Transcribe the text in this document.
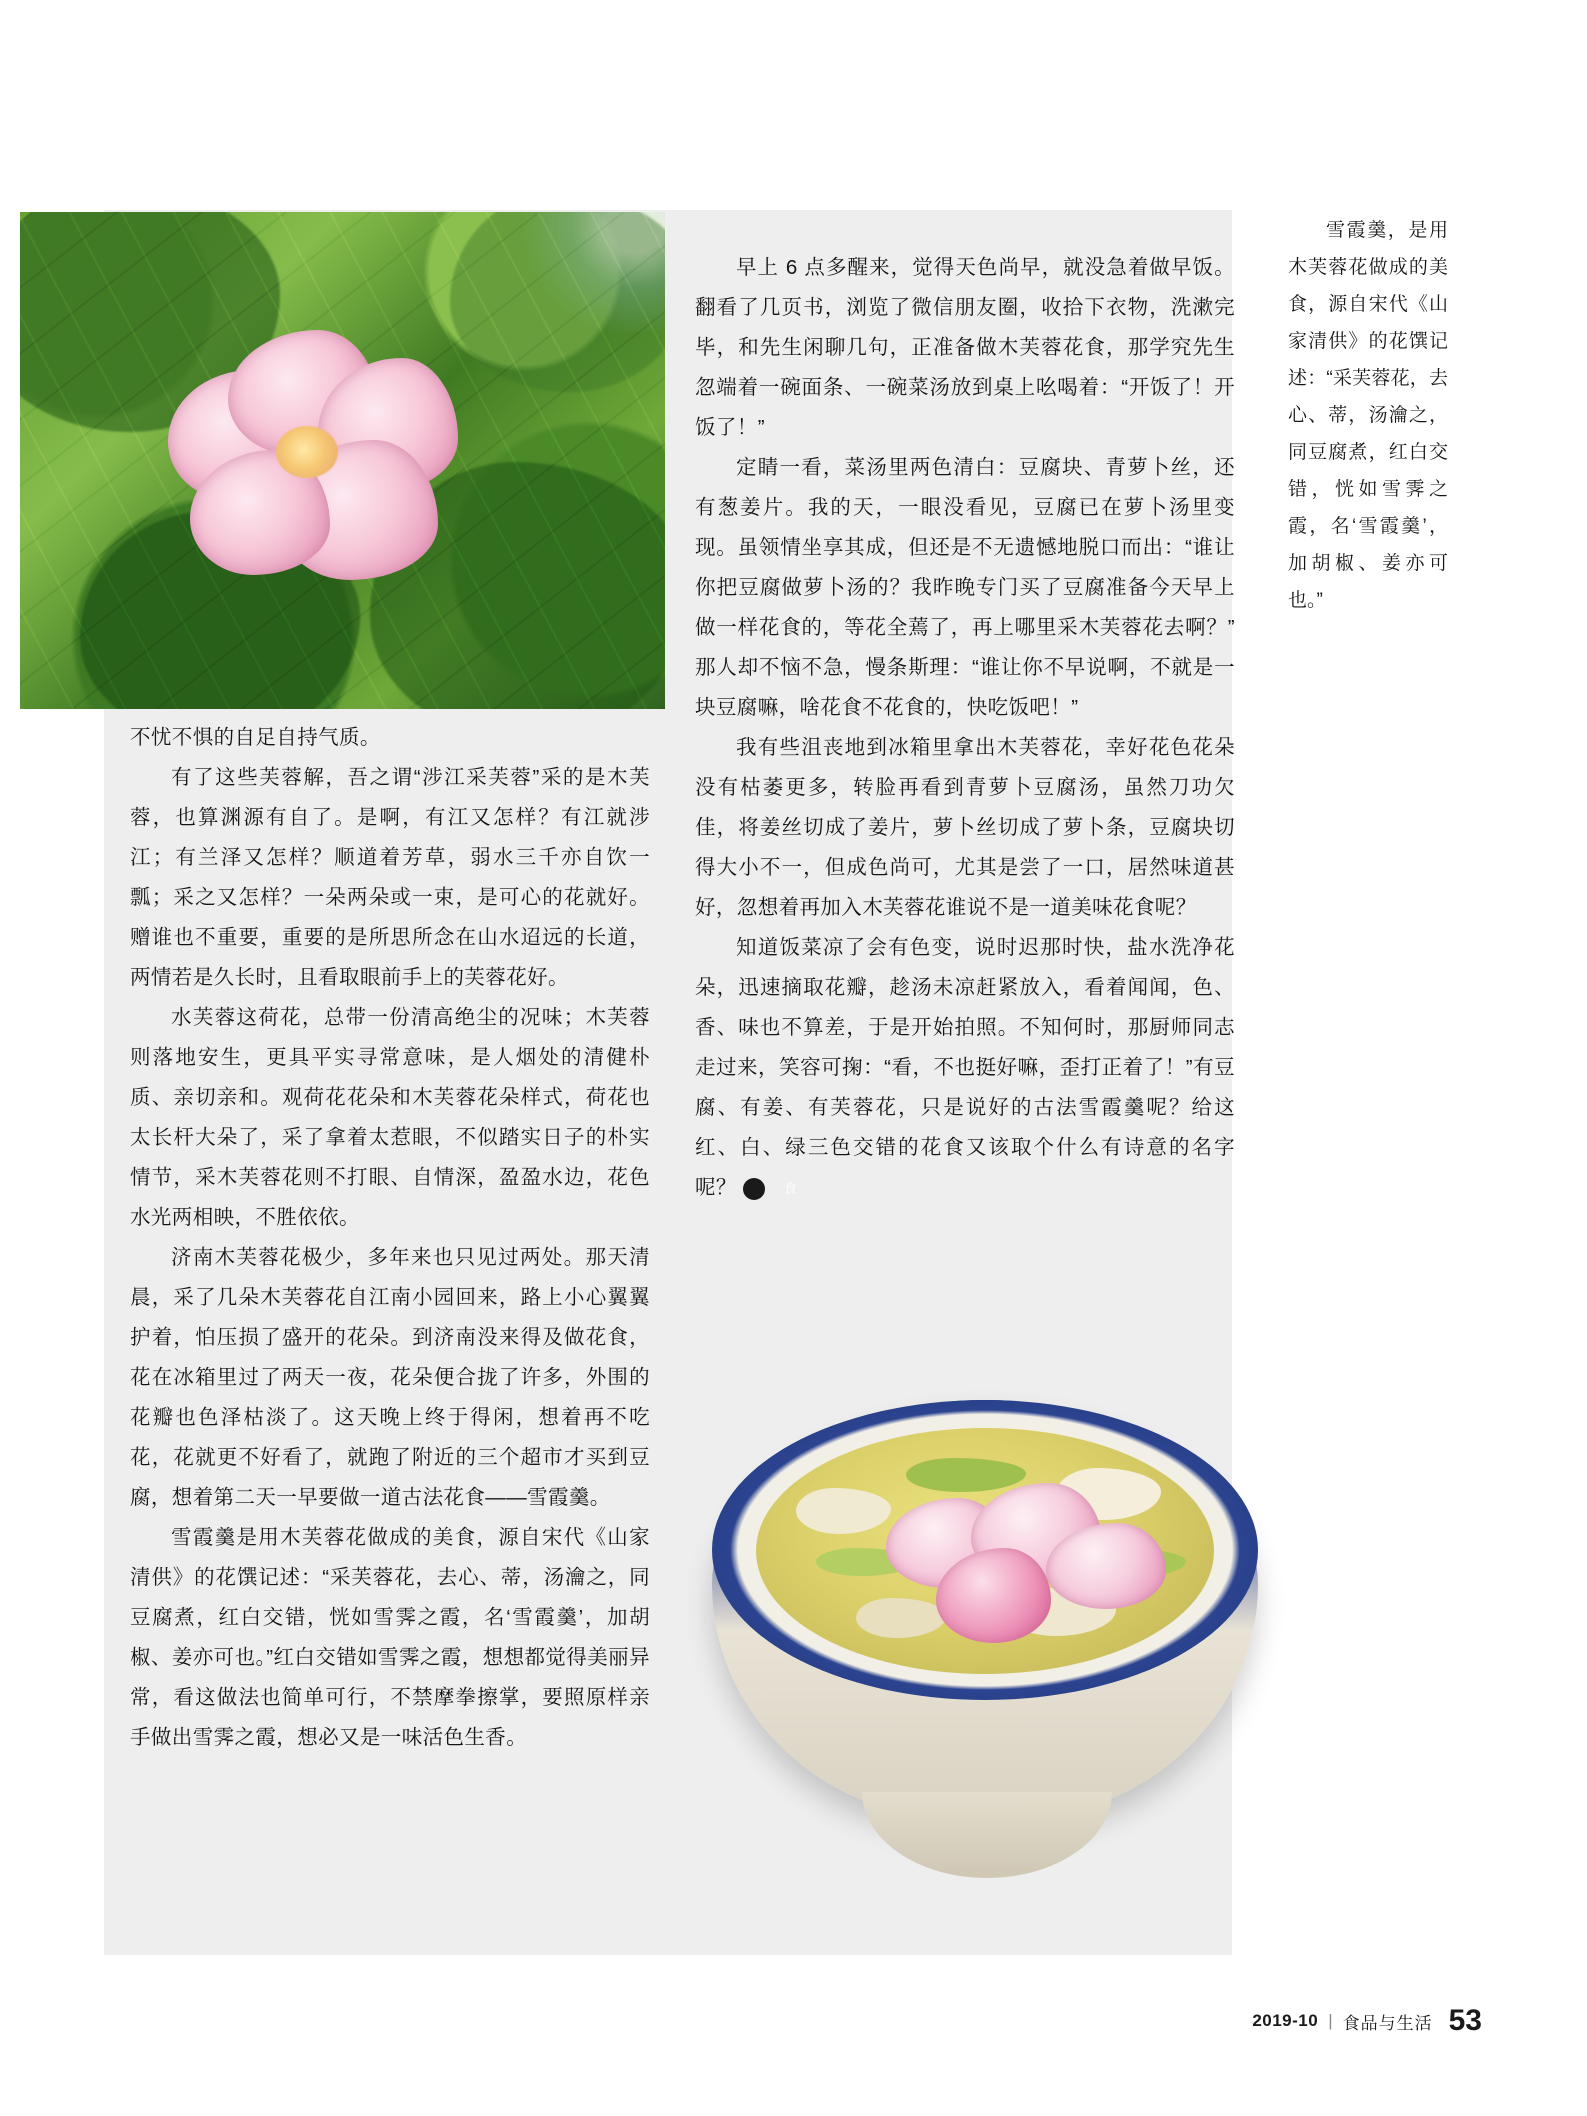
不忧不惧的自足自持气质。

有了这些芙蓉解，吾之谓“涉江采芙蓉”采的是木芙蓉，也算渊源有自了。是啊，有江又怎样？有江就涉江；有兰泽又怎样？顺道着芳草，弱水三千亦自饮一瓢；采之又怎样？一朵两朵或一束，是可心的花就好。赠谁也不重要，重要的是所思所念在山水迢远的长道，两情若是久长时，且看取眼前手上的芙蓉花好。

水芙蓉这荷花，总带一份清高绝尘的况味；木芙蓉则落地安生，更具平实寻常意味，是人烟处的清健朴质、亲切亲和。观荷花花朵和木芙蓉花朵样式，荷花也太长杆大朵了，采了拿着太惹眼，不似踏实日子的朴实情节，采木芙蓉花则不打眼、自情深，盈盈水边，花色水光两相映，不胜依依。

济南木芙蓉花极少，多年来也只见过两处。那天清晨，采了几朵木芙蓉花自江南小园回来，路上小心翼翼护着，怕压损了盛开的花朵。到济南没来得及做花食，花在冰箱里过了两天一夜，花朵便合拢了许多，外围的花瓣也色泽枯淡了。这天晚上终于得闲，想着再不吃花，花就更不好看了，就跑了附近的三个超市才买到豆腐，想着第二天一早要做一道古法花食——雪霞羹。

雪霞羹是用木芙蓉花做成的美食，源自宋代《山家清供》的花馔记述：“采芙蓉花，去心、蒂，汤瀹之，同豆腐煮，红白交错，恍如雪霁之霞，名‘雪霞羹’，加胡椒、姜亦可也。”红白交错如雪霁之霞，想想都觉得美丽异常，看这做法也简单可行，不禁摩拳擦掌，要照原样亲手做出雪霁之霞，想必又是一味活色生香。

早上 6 点多醒来，觉得天色尚早，就没急着做早饭。翻看了几页书，浏览了微信朋友圈，收拾下衣物，洗漱完毕，和先生闲聊几句，正准备做木芙蓉花食，那学究先生忽端着一碗面条、一碗菜汤放到桌上吆喝着：“开饭了！开饭了！”

定睛一看，菜汤里两色清白：豆腐块、青萝卜丝，还有葱姜片。我的天，一眼没看见，豆腐已在萝卜汤里变现。虽领情坐享其成，但还是不无遗憾地脱口而出：“谁让你把豆腐做萝卜汤的？我昨晚专门买了豆腐准备今天早上做一样花食的，等花全蔫了，再上哪里采木芙蓉花去啊？”那人却不恼不急，慢条斯理：“谁让你不早说啊，不就是一块豆腐嘛，啥花食不花食的，快吃饭吧！”

我有些沮丧地到冰箱里拿出木芙蓉花，幸好花色花朵没有枯萎更多，转脸再看到青萝卜豆腐汤，虽然刀功欠佳，将姜丝切成了姜片，萝卜丝切成了萝卜条，豆腐块切得大小不一，但成色尚可，尤其是尝了一口，居然味道甚好，忽想着再加入木芙蓉花谁说不是一道美味花食呢？

知道饭菜凉了会有色变，说时迟那时快，盐水洗净花朵，迅速摘取花瓣，趁汤未凉赶紧放入，看着闻闻，色、香、味也不算差，于是开始拍照。不知何时，那厨师同志走过来，笑容可掬：“看，不也挺好嘛，歪打正着了！”有豆腐、有姜、有芙蓉花，只是说好的古法雪霞羹呢？给这红、白、绿三色交错的花食又该取个什么有诗意的名字呢？	食

雪霞羹，是用木芙蓉花做成的美食，源自宋代《山家清供》的花馔记述：“采芙蓉花，去心、蒂，汤瀹之，同豆腐煮，红白交错，恍如雪霁之霞，名‘雪霞羹’，加胡椒、姜亦可也。”

2019-10 | 食品与生活 53
